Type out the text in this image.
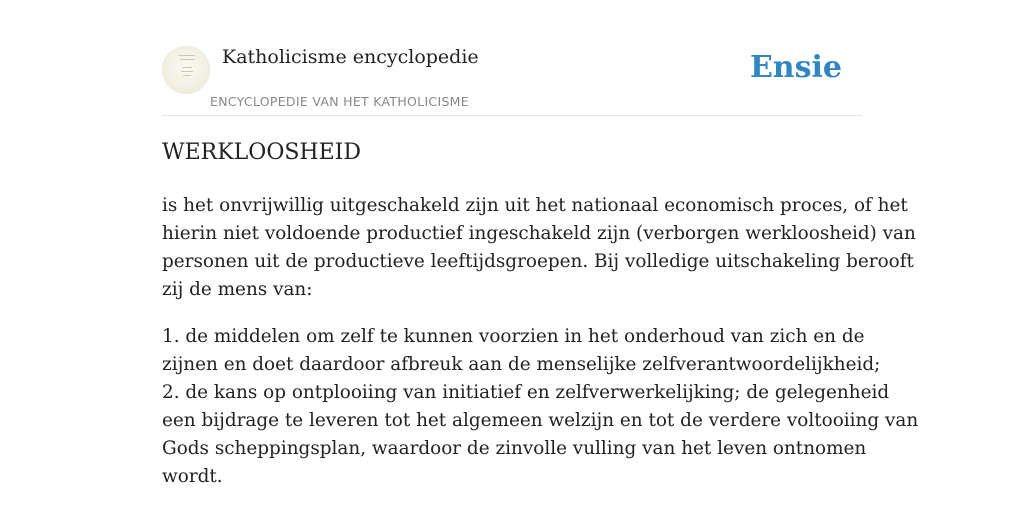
Katholicisme encyclopedie
ENCYCLOPEDIE VAN HET KATHOLICISME
Ensie
WERKLOOSHEID
is het onvrijwillig uitgeschakeld zijn uit het nationaal economisch proces, of het
hierin niet voldoende productief ingeschakeld zijn (verborgen werkloosheid) van
personen uit de productieve leeftijdsgroepen. Bij volledige uitschakeling berooft
zij de mens van:
1. de middelen om zelf te kunnen voorzien in het onderhoud van zich en de
zijnen en doet daardoor afbreuk aan de menselijke zelfverantwoordelijkheid;
2. de kans op ontplooiing van initiatief en zelfverwerkelijking; de gelegenheid
een bijdrage te leveren tot het algemeen welzijn en tot de verdere voltooiing van
Gods scheppingsplan, waardoor de zinvolle vulling van het leven ontnomen
wordt.
